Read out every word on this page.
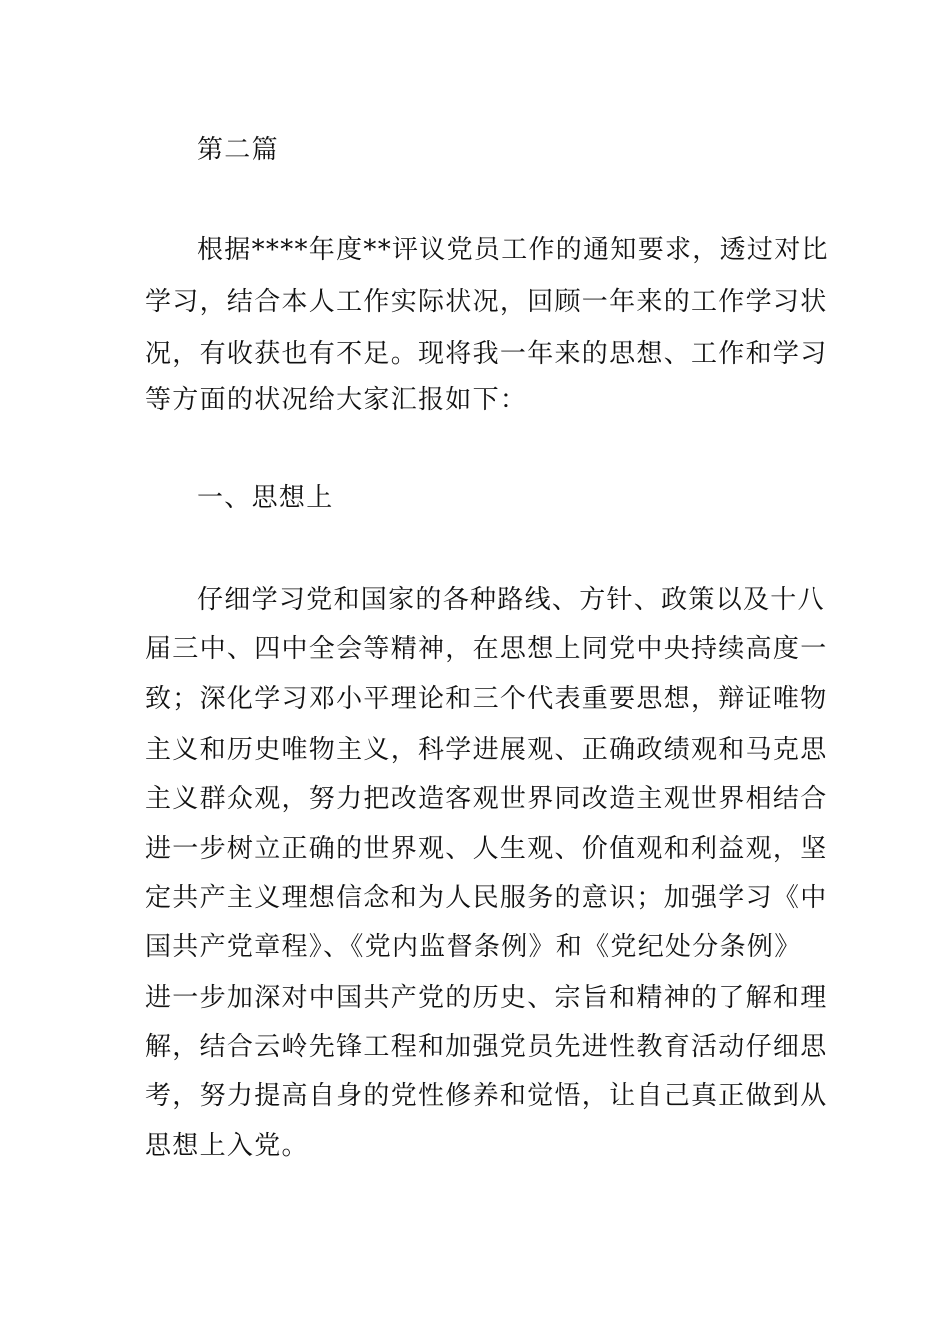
第二篇
根据****年度**评议党员工作的通知要求，透过对比
学习，结合本人工作实际状况，回顾一年来的工作学习状
况，有收获也有不足。现将我一年来的思想、工作和学习
等方面的状况给大家汇报如下：
一、思想上
仔细学习党和国家的各种路线、方针、政策以及十八
届三中、四中全会等精神，在思想上同党中央持续高度一
致；深化学习邓小平理论和三个代表重要思想，辩证唯物
主义和历史唯物主义，科学进展观、正确政绩观和马克思
主义群众观，努力把改造客观世界同改造主观世界相结合
进一步树立正确的世界观、人生观、价值观和利益观，坚
定共产主义理想信念和为人民服务的意识；加强学习《中
国共产党章程》、《党内监督条例》和《党纪处分条例》
进一步加深对中国共产党的历史、宗旨和精神的了解和理
解，结合云岭先锋工程和加强党员先进性教育活动仔细思
考，努力提高自身的党性修养和觉悟，让自己真正做到从
思想上入党。
